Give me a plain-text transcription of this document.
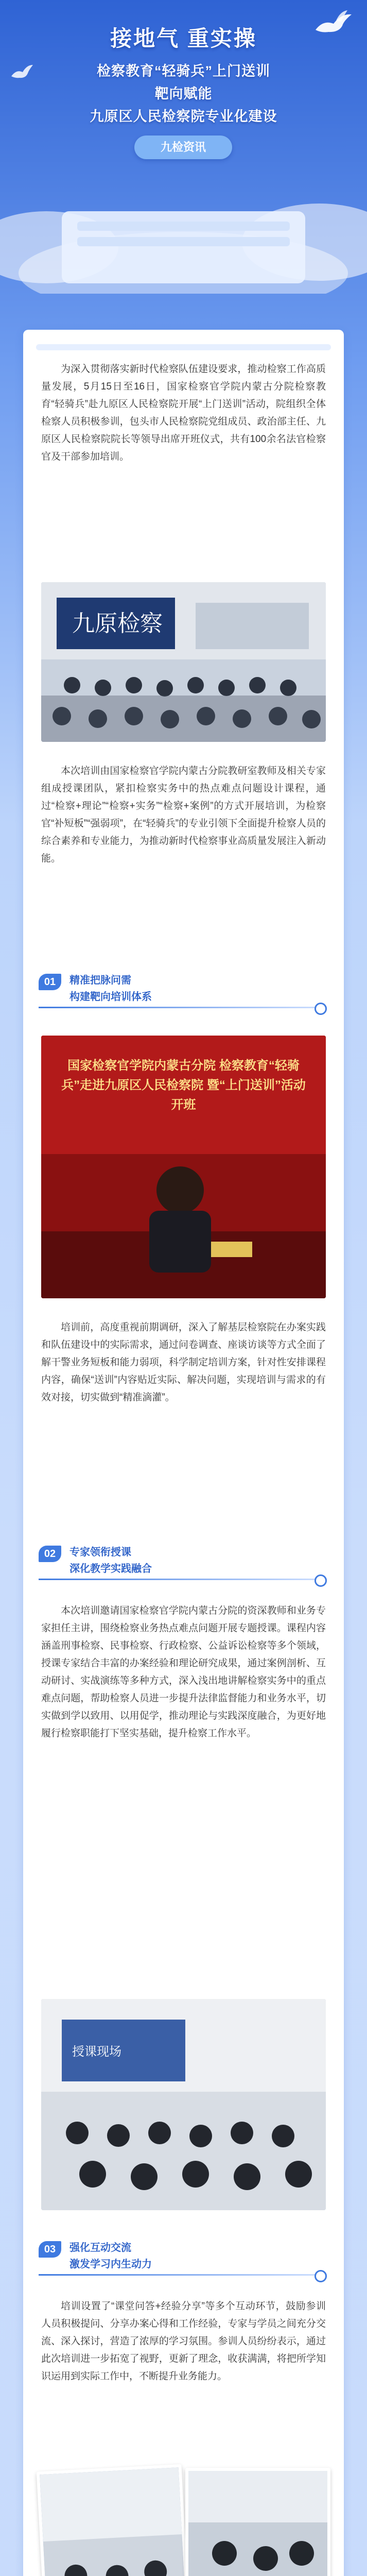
接地气 重实操
检察教育“轻骑兵”上门送训
靶向赋能
九原区人民检察院专业化建设
九检资讯

为深入贯彻落实新时代检察队伍建设要求，推动检察工作高质量发展，5月15日至16日，国家检察官学院内蒙古分院检察教育“轻骑兵”赴九原区人民检察院开展“上门送训”活动，院组织全体检察人员积极参训，包头市人民检察院党组成员、政治部主任、九原区人民检察院院长等领导出席开班仪式，共有100余名法官检察官及干部参加培训。

九原检察

本次培训由国家检察官学院内蒙古分院教研室教师及相关专家组成授课团队，紧扣检察实务中的热点难点问题设计课程，通过“检察+理论”“检察+实务”“检察+案例”的方式开展培训，为检察官“补短板”“强弱项”，在“轻骑兵”的专业引领下全面提升检察人员的综合素养和专业能力，为推动新时代检察事业高质量发展注入新动能。

01	精准把脉问需
构建靶向培训体系
国家检察官学院内蒙古分院 检察教育“轻骑兵”走进九原区人民检察院 暨“上门送训”活动开班

培训前，高度重视前期调研，深入了解基层检察院在办案实践和队伍建设中的实际需求，通过问卷调查、座谈访谈等方式全面了解干警业务短板和能力弱项，科学制定培训方案，针对性安排课程内容，确保“送训”内容贴近实际、解决问题，实现培训与需求的有效对接，切实做到“精准滴灌”。

02	专家领衔授课
深化教学实践融合

本次培训邀请国家检察官学院内蒙古分院的资深教师和业务专家担任主讲，围绕检察业务热点难点问题开展专题授课。课程内容涵盖刑事检察、民事检察、行政检察、公益诉讼检察等多个领域，授课专家结合丰富的办案经验和理论研究成果，通过案例剖析、互动研讨、实战演练等多种方式，深入浅出地讲解检察实务中的重点难点问题，帮助检察人员进一步提升法律监督能力和业务水平，切实做到学以致用、以用促学，推动理论与实践深度融合，为更好地履行检察职能打下坚实基础，提升检察工作水平。

授课现场
03	强化互动交流
激发学习内生动力

培训设置了“课堂问答+经验分享”等多个互动环节，鼓励参训人员积极提问、分享办案心得和工作经验，专家与学员之间充分交流、深入探讨，营造了浓厚的学习氛围。参训人员纷纷表示，通过此次培训进一步拓宽了视野，更新了理念，收获满满，将把所学知识运用到实际工作中，不断提升业务能力。
